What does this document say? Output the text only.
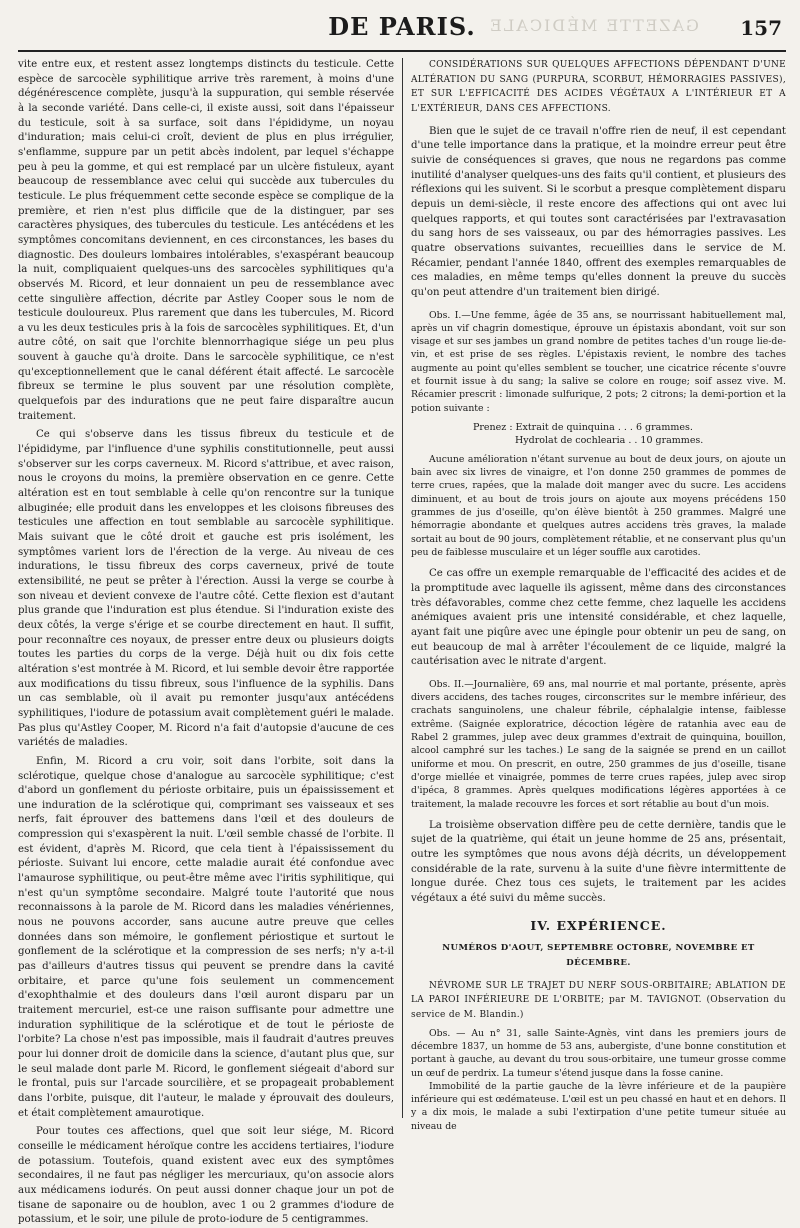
GAZETTE MÉDICALE
DE PARIS.	157

vite entre eux, et restent assez longtemps distincts du testicule. Cette espèce de sarcocèle syphilitique arrive très rarement, à moins d'une dégénérescence complète, jusqu'à la suppuration, qui semble réservée à la seconde variété. Dans celle-ci, il existe aussi, soit dans l'épaisseur du testicule, soit à sa surface, soit dans l'épididyme, un noyau d'induration; mais celui-ci croît, devient de plus en plus irrégulier, s'enflamme, suppure par un petit abcès indolent, par lequel s'échappe peu à peu la gomme, et qui est remplacé par un ulcère fistuleux, ayant beaucoup de ressemblance avec celui qui succède aux tubercules du testicule. Le plus fréquemment cette seconde espèce se complique de la première, et rien n'est plus difficile que de la distinguer, par ses caractères physiques, des tubercules du testicule. Les antécédens et les symptômes concomitans deviennent, en ces circonstances, les bases du diagnostic. Des douleurs lombaires intolérables, s'exaspérant beaucoup la nuit, compliquaient quelques-uns des sarcocèles syphilitiques qu'a observés M. Ricord, et leur donnaient un peu de ressemblance avec cette singulière affection, décrite par Astley Cooper sous le nom de testicule douloureux. Plus rarement que dans les tubercules, M. Ricord a vu les deux testicules pris à la fois de sarcocèles syphilitiques. Et, d'un autre côté, on sait que l'orchite blennorrhagique siége un peu plus souvent à gauche qu'à droite. Dans le sarcocèle syphilitique, ce n'est qu'exceptionnellement que le canal déférent était affecté. Le sarcocèle fibreux se termine le plus souvent par une résolution complète, quelquefois par des indurations que ne peut faire disparaître aucun traitement.

Ce qui s'observe dans les tissus fibreux du testicule et de l'épididyme, par l'influence d'une syphilis constitutionnelle, peut aussi s'observer sur les corps caverneux. M. Ricord s'attribue, et avec raison, nous le croyons du moins, la première observation en ce genre. Cette altération est en tout semblable à celle qu'on rencontre sur la tunique albuginée; elle produit dans les enveloppes et les cloisons fibreuses des testicules une affection en tout semblable au sarcocèle syphilitique. Mais suivant que le côté droit et gauche est pris isolément, les symptômes varient lors de l'érection de la verge. Au niveau de ces indurations, le tissu fibreux des corps caverneux, privé de toute extensibilité, ne peut se prêter à l'érection. Aussi la verge se courbe à son niveau et devient convexe de l'autre côté. Cette flexion est d'autant plus grande que l'induration est plus étendue. Si l'induration existe des deux côtés, la verge s'érige et se courbe directement en haut. Il suffit, pour reconnaître ces noyaux, de presser entre deux ou plusieurs doigts toutes les parties du corps de la verge. Déjà huit ou dix fois cette altération s'est montrée à M. Ricord, et lui semble devoir être rapportée aux modifications du tissu fibreux, sous l'influence de la syphilis. Dans un cas semblable, où il avait pu remonter jusqu'aux antécédens syphilitiques, l'iodure de potassium avait complètement guéri le malade. Pas plus qu'Astley Cooper, M. Ricord n'a fait d'autopsie d'aucune de ces variétés de maladies.

Enfin, M. Ricord a cru voir, soit dans l'orbite, soit dans la sclérotique, quelque chose d'analogue au sarcocèle syphilitique; c'est d'abord un gonflement du périoste orbitaire, puis un épaississement et une induration de la sclérotique qui, comprimant ses vaisseaux et ses nerfs, fait éprouver des battemens dans l'œil et des douleurs de compression qui s'exaspèrent la nuit. L'œil semble chassé de l'orbite. Il est évident, d'après M. Ricord, que cela tient à l'épaississement du périoste. Suivant lui encore, cette maladie aurait été confondue avec l'amaurose syphilitique, ou peut-être même avec l'iritis syphilitique, qui n'est qu'un symptôme secondaire. Malgré toute l'autorité que nous reconnaissons à la parole de M. Ricord dans les maladies vénériennes, nous ne pouvons accorder, sans aucune autre preuve que celles données dans son mémoire, le gonflement périostique et surtout le gonflement de la sclérotique et la compression de ses nerfs; n'y a-t-il pas d'ailleurs d'autres tissus qui peuvent se prendre dans la cavité orbitaire, et parce qu'une fois seulement un commencement d'exophthalmie et des douleurs dans l'œil auront disparu par un traitement mercuriel, est-ce une raison suffisante pour admettre une induration syphilitique de la sclérotique et de tout le périoste de l'orbite? La chose n'est pas impossible, mais il faudrait d'autres preuves pour lui donner droit de domicile dans la science, d'autant plus que, sur le seul malade dont parle M. Ricord, le gonflement siégeait d'abord sur le frontal, puis sur l'arcade sourcilière, et se propageait probablement dans l'orbite, puisque, dit l'auteur, le malade y éprouvait des douleurs, et était complètement amaurotique.

Pour toutes ces affections, quel que soit leur siége, M. Ricord conseille le médicament héroïque contre les accidens tertiaires, l'iodure de potassium. Toutefois, quand existent avec eux des symptômes secondaires, il ne faut pas négliger les mercuriaux, qu'on associe alors aux médicamens iodurés. On peut aussi donner chaque jour un pot de tisane de saponaire ou de houblon, avec 1 ou 2 grammes d'iodure de potassium, et le soir, une pilule de proto-iodure de 5 centigrammes.

CONSIDÉRATIONS SUR QUELQUES AFFECTIONS DÉPENDANT D'UNE ALTÉRATION DU SANG (PURPURA, SCORBUT, HÉMORRAGIES PASSIVES), ET SUR L'EFFICACITÉ DES ACIDES VÉGÉTAUX A L'INTÉRIEUR ET A L'EXTÉRIEUR, DANS CES AFFECTIONS.

Bien que le sujet de ce travail n'offre rien de neuf, il est cependant d'une telle importance dans la pratique, et la moindre erreur peut être suivie de conséquences si graves, que nous ne regardons pas comme inutilité d'analyser quelques-uns des faits qu'il contient, et plusieurs des réflexions qui les suivent. Si le scorbut a presque complètement disparu depuis un demi-siècle, il reste encore des affections qui ont avec lui quelques rapports, et qui toutes sont caractérisées par l'extravasation du sang hors de ses vaisseaux, ou par des hémorragies passives. Les quatre observations suivantes, recueillies dans le service de M. Récamier, pendant l'année 1840, offrent des exemples remarquables de ces maladies, en même temps qu'elles donnent la preuve du succès qu'on peut attendre d'un traitement bien dirigé.

Obs. I.—Une femme, âgée de 35 ans, se nourrissant habituellement mal, après un vif chagrin domestique, éprouve un épistaxis abondant, voit sur son visage et sur ses jambes un grand nombre de petites taches d'un rouge lie-de-vin, et est prise de ses règles. L'épistaxis revient, le nombre des taches augmente au point qu'elles semblent se toucher, une cicatrice récente s'ouvre et fournit issue à du sang; la salive se colore en rouge; soif assez vive. M. Récamier prescrit : limonade sulfurique, 2 pots; 2 citrons; la demi-portion et la potion suivante :

Prenez : Extrait de quinquina . . . 6 grammes.
Hydrolat de cochlearia . . 10 grammes.

Aucune amélioration n'étant survenue au bout de deux jours, on ajoute un bain avec six livres de vinaigre, et l'on donne 250 grammes de pommes de terre crues, rapées, que la malade doit manger avec du sucre. Les accidens diminuent, et au bout de trois jours on ajoute aux moyens précédens 150 grammes de jus d'oseille, qu'on élève bientôt à 250 grammes. Malgré une hémorragie abondante et quelques autres accidens très graves, la malade sortait au bout de 90 jours, complètement rétablie, et ne conservant plus qu'un peu de faiblesse musculaire et un léger souffle aux carotides.

Ce cas offre un exemple remarquable de l'efficacité des acides et de la promptitude avec laquelle ils agissent, même dans des circonstances très défavorables, comme chez cette femme, chez laquelle les accidens anémiques avaient pris une intensité considérable, et chez laquelle, ayant fait une piqûre avec une épingle pour obtenir un peu de sang, on eut beaucoup de mal à arrêter l'écoulement de ce liquide, malgré la cautérisation avec le nitrate d'argent.

Obs. II.—Journalière, 69 ans, mal nourrie et mal portante, présente, après divers accidens, des taches rouges, circonscrites sur le membre inférieur, des crachats sanguinolens, une chaleur fébrile, céphalalgie intense, faiblesse extrême. (Saignée exploratrice, décoction légère de ratanhia avec eau de Rabel 2 grammes, julep avec deux grammes d'extrait de quinquina, bouillon, alcool camphré sur les taches.) Le sang de la saignée se prend en un caillot uniforme et mou. On prescrit, en outre, 250 grammes de jus d'oseille, tisane d'orge miellée et vinaigrée, pommes de terre crues rapées, julep avec sirop d'ipéca, 8 grammes. Après quelques modifications légères apportées à ce traitement, la malade recouvre les forces et sort rétablie au bout d'un mois.

La troisième observation diffère peu de cette dernière, tandis que le sujet de la quatrième, qui était un jeune homme de 25 ans, présentait, outre les symptômes que nous avons déjà décrits, un développement considérable de la rate, survenu à la suite d'une fièvre intermittente de longue durée. Chez tous ces sujets, le traitement par les acides végétaux a été suivi du même succès.

IV. EXPÉRIENCE.
NUMÉROS D'AOUT, SEPTEMBRE OCTOBRE, NOVEMBRE ET DÉCEMBRE.

NÉVROME SUR LE TRAJET DU NERF SOUS-ORBITAIRE; ABLATION DE LA PAROI INFÉRIEURE DE L'ORBITE; par M. TAVIGNOT. (Observation du service de M. Blandin.)

Obs. — Au n° 31, salle Sainte-Agnès, vint dans les premiers jours de décembre 1837, un homme de 53 ans, aubergiste, d'une bonne constitution et portant à gauche, au devant du trou sous-orbitaire, une tumeur grosse comme un œuf de perdrix. La tumeur s'étend jusque dans la fosse canine.

Immobilité de la partie gauche de la lèvre inférieure et de la paupière inférieure qui est œdémateuse. L'œil est un peu chassé en haut et en dehors. Il y a dix mois, le malade a subi l'extirpation d'une petite tumeur située au niveau de
